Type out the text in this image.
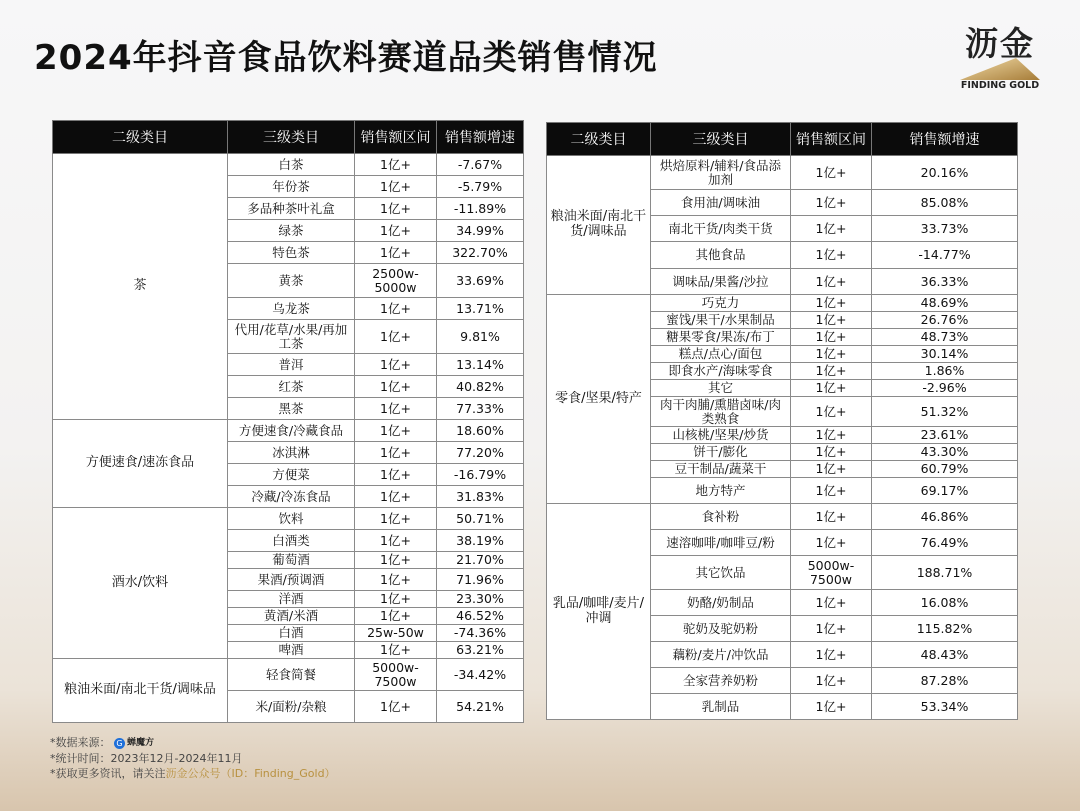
2024年抖音食品饮料赛道品类销售情况	沥金
FINDING GOLD
二级类目	三级类目	销售额区间	销售额增速
茶	白茶	1亿+	-7.67%
	年份茶	1亿+	-5.79%
	多品种茶叶礼盒	1亿+	-11.89%
	绿茶	1亿+	34.99%
	特色茶	1亿+	322.70%
	黄茶	2500w-5000w	33.69%
	乌龙茶	1亿+	13.71%
	代用/花草/水果/再加工茶	1亿+	9.81%
	普洱	1亿+	13.14%
	红茶	1亿+	40.82%
	黑茶	1亿+	77.33%
方便速食/速冻食品	方便速食/冷藏食品	1亿+	18.60%
	冰淇淋	1亿+	77.20%
	方便菜	1亿+	-16.79%
	冷藏/冷冻食品	1亿+	31.83%
酒水/饮料	饮料	1亿+	50.71%
	白酒类	1亿+	38.19%
	葡萄酒	1亿+	21.70%
	果酒/预调酒	1亿+	71.96%
	洋酒	1亿+	23.30%
	黄酒/米酒	1亿+	46.52%
	白酒	25w-50w	-74.36%
	啤酒	1亿+	63.21%
粮油米面/南北干货/调味品	轻食简餐	5000w-7500w	-34.42%
	米/面粉/杂粮	1亿+	54.21%
二级类目	三级类目	销售额区间	销售额增速
粮油米面/南北干货/调味品	烘焙原料/辅料/食品添加剂	1亿+	20.16%
	食用油/调味油	1亿+	85.08%
	南北干货/肉类干货	1亿+	33.73%
	其他食品	1亿+	-14.77%
	调味品/果酱/沙拉	1亿+	36.33%
零食/坚果/特产	巧克力	1亿+	48.69%
	蜜饯/果干/水果制品	1亿+	26.76%
	糖果零食/果冻/布丁	1亿+	48.73%
	糕点/点心/面包	1亿+	30.14%
	即食水产/海味零食	1亿+	1.86%
	其它	1亿+	-2.96%
	肉干肉脯/熏腊卤味/肉类熟食	1亿+	51.32%
	山核桃/坚果/炒货	1亿+	23.61%
	饼干/膨化	1亿+	43.30%
	豆干制品/蔬菜干	1亿+	60.79%
	地方特产	1亿+	69.17%
乳品/咖啡/麦片/冲调	食补粉	1亿+	46.86%
	速溶咖啡/咖啡豆/粉	1亿+	76.49%
	其它饮品	5000w-7500w	188.71%
	奶酪/奶制品	1亿+	16.08%
	驼奶及驼奶粉	1亿+	115.82%
	藕粉/麦片/冲饮品	1亿+	48.43%
	全家营养奶粉	1亿+	87.28%
	乳制品	1亿+	53.34%
*数据来源： G 蝉魔方
*统计时间：2023年12月-2024年11月
*获取更多资讯，请关注沥金公众号（ID：Finding_Gold）
